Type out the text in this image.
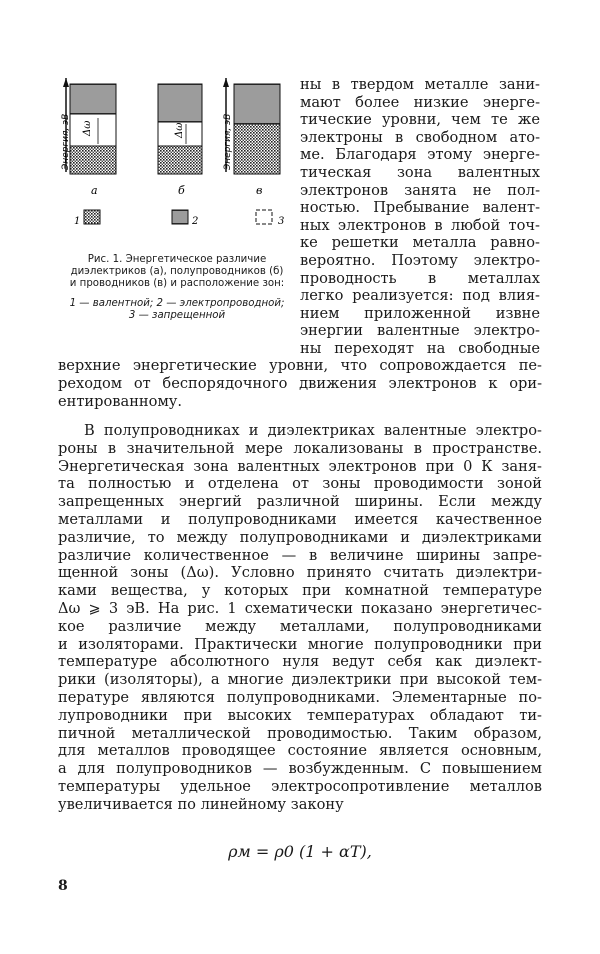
Δω
Энергия, эВ	Δω	Энергия, эВ
а	б	в
1	2	3
Рис. 1. Энергетическое различие диэлектриков (а), полупроводников (б) и проводников (в) и расположение зон:
1 — валентной; 2 — электропроводной; 3 — запрещенной
ны в твердом металле зани-
мают более низкие энерге-
тические уровни, чем те же
электроны в свободном ато-
ме. Благодаря этому энерге-
тическая зона валентных
электронов занята не пол-
ностью. Пребывание валент-
ных электронов в любой точ-
ке решетки металла равно-
вероятно. Поэтому электро-
проводность в металлах
легко реализуется: под влия-
нием приложенной извне
энергии валентные электро-
ны переходят на свободные
верхние энергетические уровни, что сопровождается пе-
реходом от беспорядочного движения электронов к ори-
ентированному.
В полупроводниках и диэлектриках валентные электро-
роны в значительной мере локализованы в пространстве.
Энергетическая зона валентных электронов при 0 К заня-
та полностью и отделена от зоны проводимости зоной
запрещенных энергий различной ширины. Если между
металлами и полупроводниками имеется качественное
различие, то между полупроводниками и диэлектриками
различие количественное — в величине ширины запре-
щенной зоны (Δω). Условно принято считать диэлектри-
ками вещества, у которых при комнатной температуре
Δω ⩾ 3 эВ. На рис. 1 схематически показано энергетичес-
кое различие между металлами, полупроводниками
и изоляторами. Практически многие полупроводники при
температуре абсолютного нуля ведут себя как диэлект-
рики (изоляторы), а многие диэлектрики при высокой тем-
пературе являются полупроводниками. Элементарные по-
лупроводники при высоких температурах обладают ти-
пичной металлической проводимостью. Таким образом,
для металлов проводящее состояние является основным,
а для полупроводников — возбужденным. С повышением
температуры удельное электросопротивление металлов
увеличивается по линейному закону
ρм = ρ0 (1 + αT),
8
